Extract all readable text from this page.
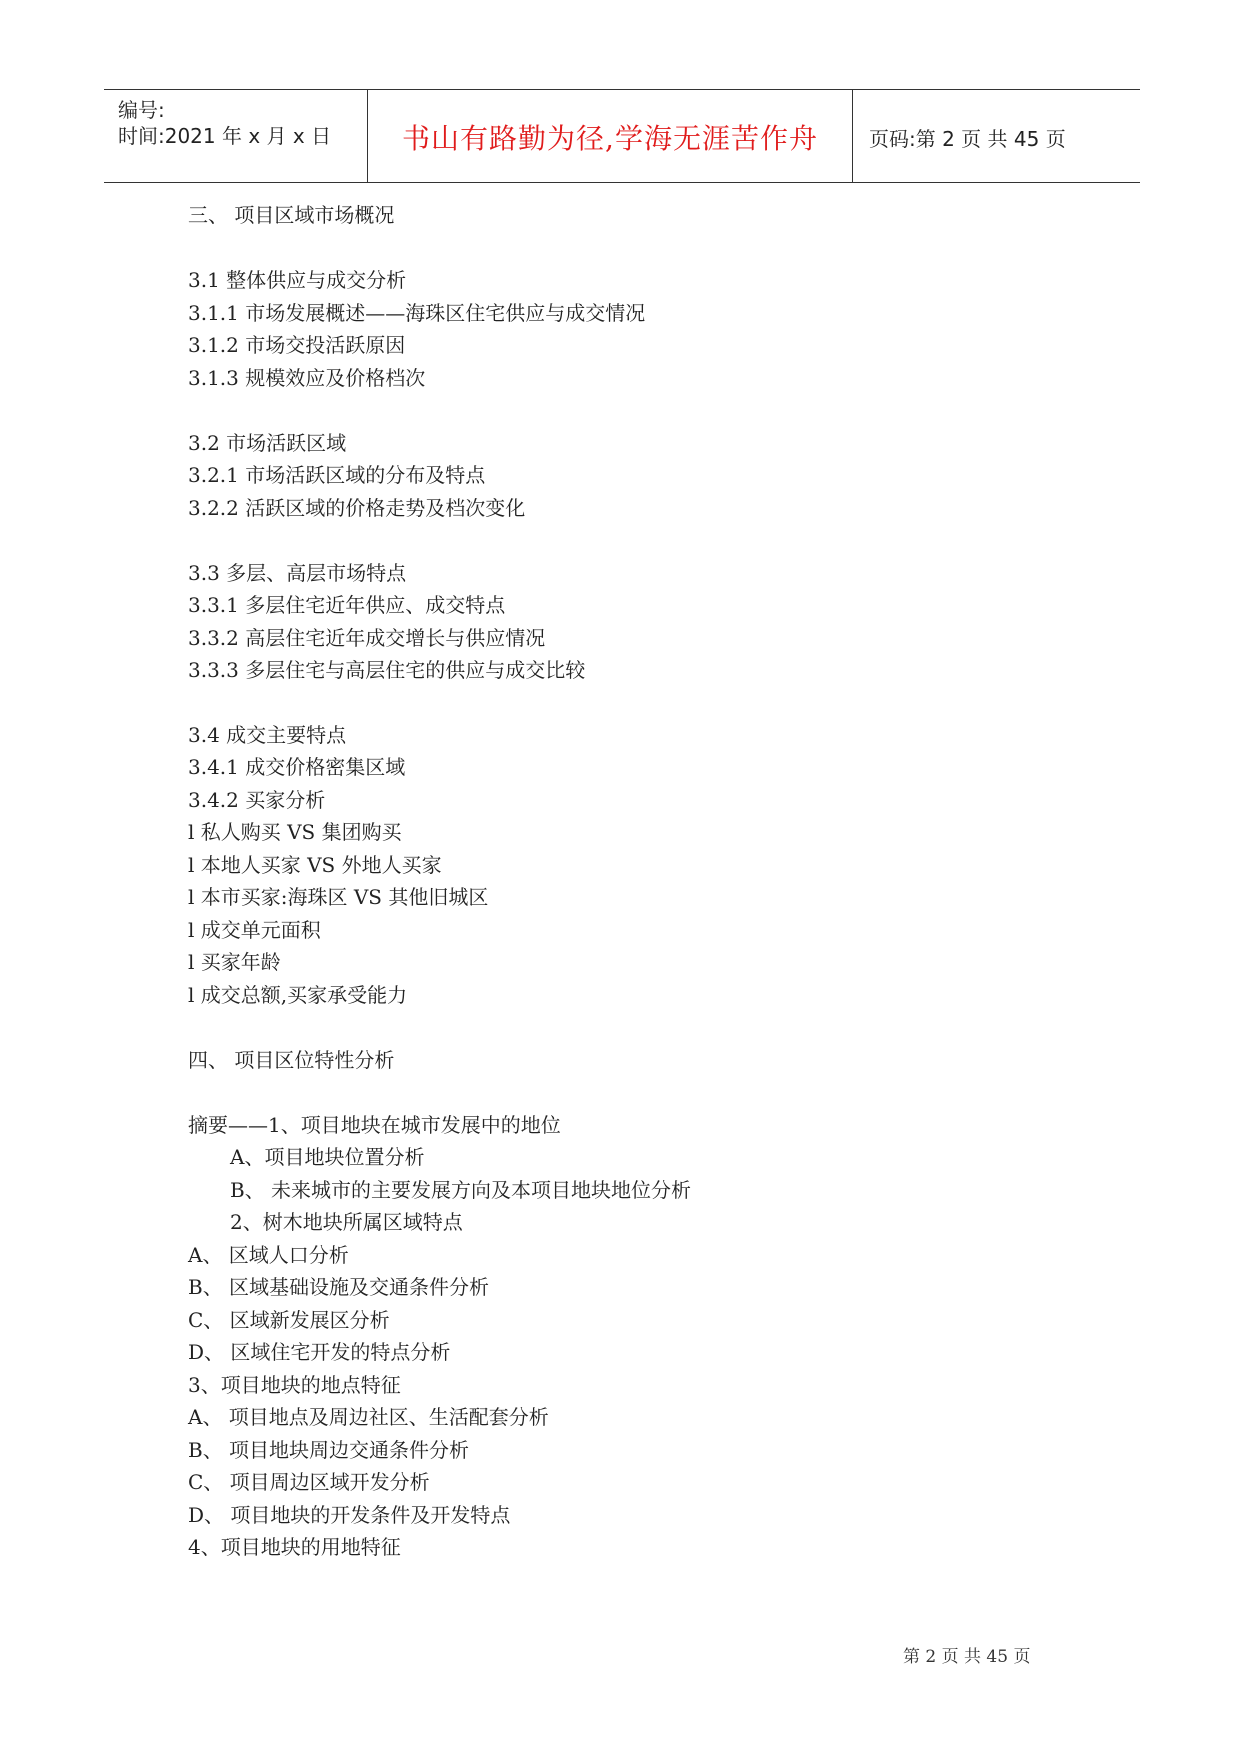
编号:
时间:2021 年 x 月 x 日	书山有路勤为径,学海无涯苦作舟	页码:第 2 页 共 45 页
三、 项目区域市场概况
3.1 整体供应与成交分析
3.1.1 市场发展概述——海珠区住宅供应与成交情况
3.1.2 市场交投活跃原因
3.1.3 规模效应及价格档次
3.2 市场活跃区域
3.2.1 市场活跃区域的分布及特点
3.2.2 活跃区域的价格走势及档次变化
3.3 多层、高层市场特点
3.3.1 多层住宅近年供应、成交特点
3.3.2 高层住宅近年成交增长与供应情况
3.3.3 多层住宅与高层住宅的供应与成交比较
3.4 成交主要特点
3.4.1 成交价格密集区域
3.4.2 买家分析
l 私人购买 VS 集团购买
l 本地人买家 VS 外地人买家
l 本市买家:海珠区 VS 其他旧城区
l 成交单元面积
l 买家年龄
l 成交总额,买家承受能力
四、 项目区位特性分析
摘要——1、项目地块在城市发展中的地位
A、项目地块位置分析
B、 未来城市的主要发展方向及本项目地块地位分析
2、树木地块所属区域特点
A、 区域人口分析
B、 区域基础设施及交通条件分析
C、 区域新发展区分析
D、 区域住宅开发的特点分析
3、项目地块的地点特征
A、 项目地点及周边社区、生活配套分析
B、 项目地块周边交通条件分析
C、 项目周边区域开发分析
D、 项目地块的开发条件及开发特点
4、项目地块的用地特征
第 2 页 共 45 页
